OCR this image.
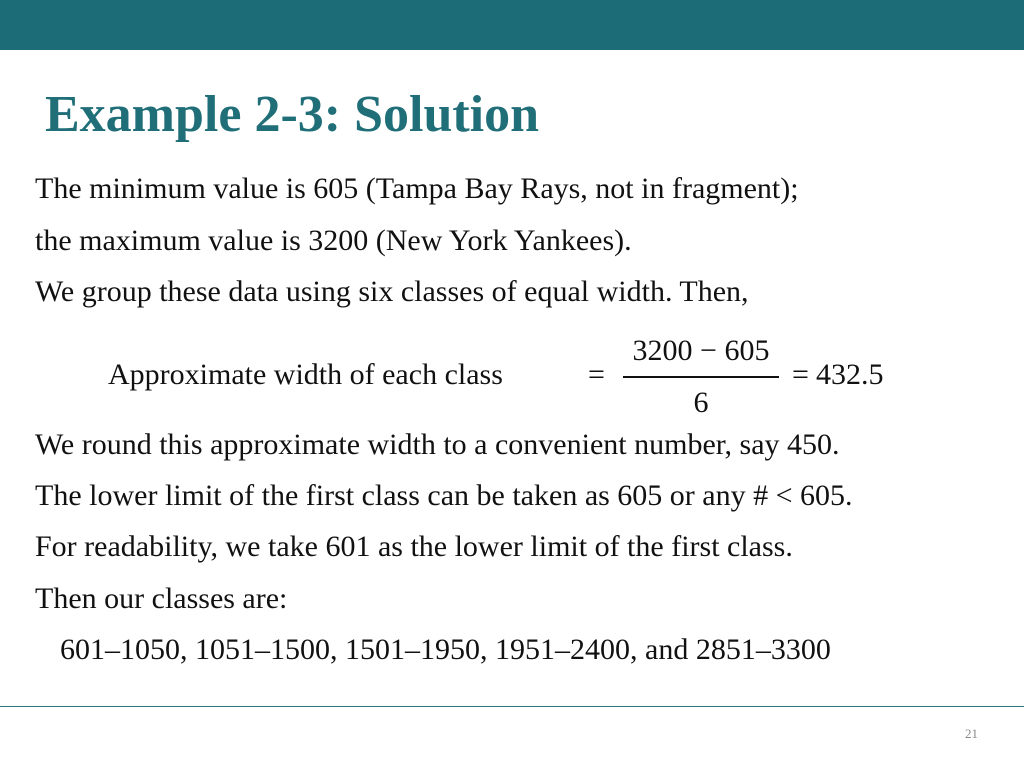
Example 2-3: Solution

The minimum value is 605 (Tampa Bay Rays, not in fragment);

the maximum value is 3200 (New York Yankees).

We group these data using six classes of equal width. Then,

Approximate width of each class	=
3200 − 605
6
= 432.5

We round this approximate width to a convenient number, say 450.

The lower limit of the first class can be taken as 605 or any # < 605.

For readability, we take 601 as the lower limit of the first class.

Then our classes are:

601–1050, 1051–1500, 1501–1950, 1951–2400, and 2851–3300

21
